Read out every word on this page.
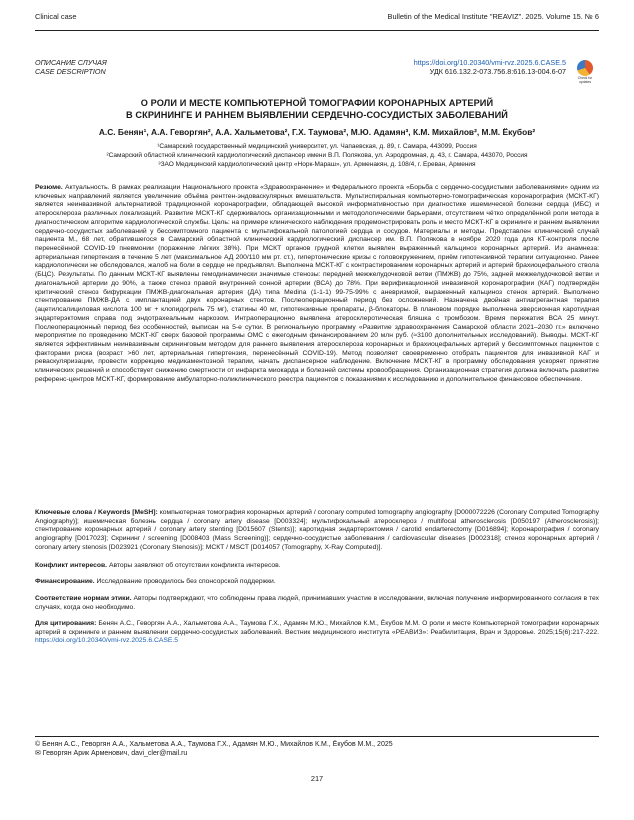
Clinical case	Bulletin of the Medical Institute "REAVIZ". 2025. Volume 15. № 6
ОПИСАНИЕ СЛУЧАЯ
CASE DESCRIPTION
https://doi.org/10.20340/vmi-rvz.2025.6.CASE.5
УДК 616.132.2-073.756.8:616.13-004.6-07
Check for updates
О РОЛИ И МЕСТЕ КОМПЬЮТЕРНОЙ ТОМОГРАФИИ КОРОНАРНЫХ АРТЕРИЙ
В СКРИНИНГЕ И РАННЕМ ВЫЯВЛЕНИИ СЕРДЕЧНО-СОСУДИСТЫХ ЗАБОЛЕВАНИЙ
А.С. Бенян¹, А.А. Геворгян², А.А. Хальметова², Г.Х. Таумова², М.Ю. Адамян³, К.М. Михайлов², М.М. Ёкубов²
¹Самарский государственный медицинский университет, ул. Чапаевская, д. 89, г. Самара, 443099, Россия
²Самарский областной клинический кардиологический диспансер имени В.П. Полякова, ул. Аэродромная, д. 43, г. Самара, 443070, Россия
³ЗАО Медицинский кардиологический центр «Норк-Мараш», ул. Арменакян, д. 108/4, г. Ереван, Армения

Резюме. Актуальность. В рамках реализации Национального проекта «Здравоохранение» и Федерального проекта «Борьба с сердечно-сосудистыми заболеваниями» одним из ключевых направлений является увеличение объёма рентген-эндоваскулярных вмешательств. Мультиспиральная компьютерно-томографическая коронарография (МСКТ-КГ) является неинвазивной альтернативой традиционной коронарографии, обладающей высокой информативностью при диагностике ишемической болезни сердца (ИБС) и атеросклероза различных локализаций. Развитие МСКТ-КГ сдерживалось организационными и методологическими барьерами, отсутствием чётко определённой роли метода в диагностическом алгоритме кардиологической службы. Цель: на примере клинического наблюдения продемонстрировать роль и место МСКТ-КГ в скрининге и раннем выявлении сердечно-сосудистых заболеваний у бессимптомного пациента с мультифокальной патологией сердца и сосудов. Материалы и методы. Представлен клинический случай пациента М., 68 лет, обратившегося в Самарский областной клинический кардиологический диспансер им. В.П. Полякова в ноябре 2020 года для КТ-контроля после перенесённой COVID-19 пневмонии (поражение лёгких 38%). При МСКТ органов грудной клетки выявлен выраженный кальциноз коронарных артерий. Из анамнеза: артериальная гипертензия в течение 5 лет (максимальное АД 200/110 мм рт. ст.), гипертонические кризы с головокружением, приём гипотензивной терапии ситуационно. Ранее кардиологически не обследовался, жалоб на боли в сердце не предъявлял. Выполнена МСКТ-КГ с контрастированием коронарных артерий и артерий брахиоцефального ствола (БЦС). Результаты. По данным МСКТ-КГ выявлены гемодинамически значимые стенозы: передней межжелудочковой ветви (ПМЖВ) до 75%, задней межжелудочковой ветви и диагональной артерии до 90%, а также стеноз правой внутренней сонной артерии (ВСА) до 78%. При верификационной инвазивной коронарографии (КАГ) подтверждён критический стеноз бифуркации ПМЖВ-диагональная артерия (ДА) типа Medina (1-1-1) 99-75-99% с аневризмой, выраженный кальциноз стенок артерий. Выполнено стентирование ПМЖВ-ДА с имплантацией двух коронарных стентов. Послеоперационный период без осложнений. Назначена двойная антиагрегантная терапия (ацетилсалициловая кислота 100 мг + клопидогрель 75 мг), статины 40 мг, гипотензивные препараты, β-блокаторы. В плановом порядке выполнена эверсионная каротидная эндартерэктомия справа под эндотрахеальным наркозом. Интраоперационно выявлена атеросклеротическая бляшка с тромбозом. Время пережатия ВСА 25 минут. Послеоперационный период без особенностей, выписан на 5-е сутки. В региональную программу «Развитие здравоохранения Самарской области 2021–2030 гг.» включено мероприятие по проведению МСКТ-КГ сверх базовой программы ОМС с ежегодным финансированием 20 млн руб. (≈3100 дополнительных исследований). Выводы. МСКТ-КГ является эффективным неинвазивным скрининговым методом для раннего выявления атеросклероза коронарных и брахиоцефальных артерий у бессимптомных пациентов с факторами риска (возраст >60 лет, артериальная гипертензия, перенесённый COVID-19). Метод позволяет своевременно отобрать пациентов для инвазивной КАГ и реваскуляризации, провести коррекцию медикаментозной терапии, начать диспансерное наблюдение. Включение МСКТ-КГ в программу обследования ускоряет принятие клинических решений и способствует снижению смертности от инфаркта миокарда и болезней системы кровообращения. Организационная стратегия должна включать развитие референс-центров МСКТ-КГ, формирование амбулаторно-поликлинического реестра пациентов с показаниями к исследованию и дополнительное финансовое обеспечение.

Ключевые слова / Keywords [MeSH]: компьютерная томография коронарных артерий / coronary computed tomography angiography [D000072226 (Coronary Computed Tomography Angiography)]; ишемическая болезнь сердца / coronary artery disease [D003324]; мультифокальный атеросклероз / multifocal atherosclerosis [D050197 (Atherosclerosis)]; стентирование коронарных артерий / coronary artery stenting [D015607 (Stents)]; каротидная эндартерэктомия / carotid endarterectomy [D016894]; Коронарография / coronary angiography [D017023]; Скрининг / screening [D008403 (Mass Screening)]; сердечно-сосудистые заболевания / cardiovascular diseases [D002318]; стеноз коронарных артерий / coronary artery stenosis [D023921 (Coronary Stenosis)]; МСКТ / MSCT [D014057 (Tomography, X-Ray Computed)].
Конфликт интересов. Авторы заявляют об отсутствии конфликта интересов.
Финансирование. Исследование проводилось без спонсорской поддержки.
Соответствие нормам этики. Авторы подтверждают, что соблюдены права людей, принимавших участие в исследовании, включая получение информированного согласия в тех случаях, когда оно необходимо.
Для цитирования: Бенян А.С., Геворгян А.А., Хальметова А.А., Таумова Г.Х., Адамян М.Ю., Михайлов К.М., Ёкубов М.М. О роли и месте Компьютерной томографии коронарных артерий в скрининге и раннем выявлении сердечно-сосудистых заболеваний. Вестник медицинского института «РЕАВИЗ»: Реабилитация, Врач и Здоровье. 2025;15(6):217-222. https://doi.org/10.20340/vmi-rvz.2025.6.CASE.5
© Бенян А.С., Геворгян А.А., Хальметова А.А., Таумова Г.Х., Адамян М.Ю., Михайлов К.М., Ёкубов М.М., 2025
✉ Геворгян Арик Арменович, davi_cler@mail.ru
217
